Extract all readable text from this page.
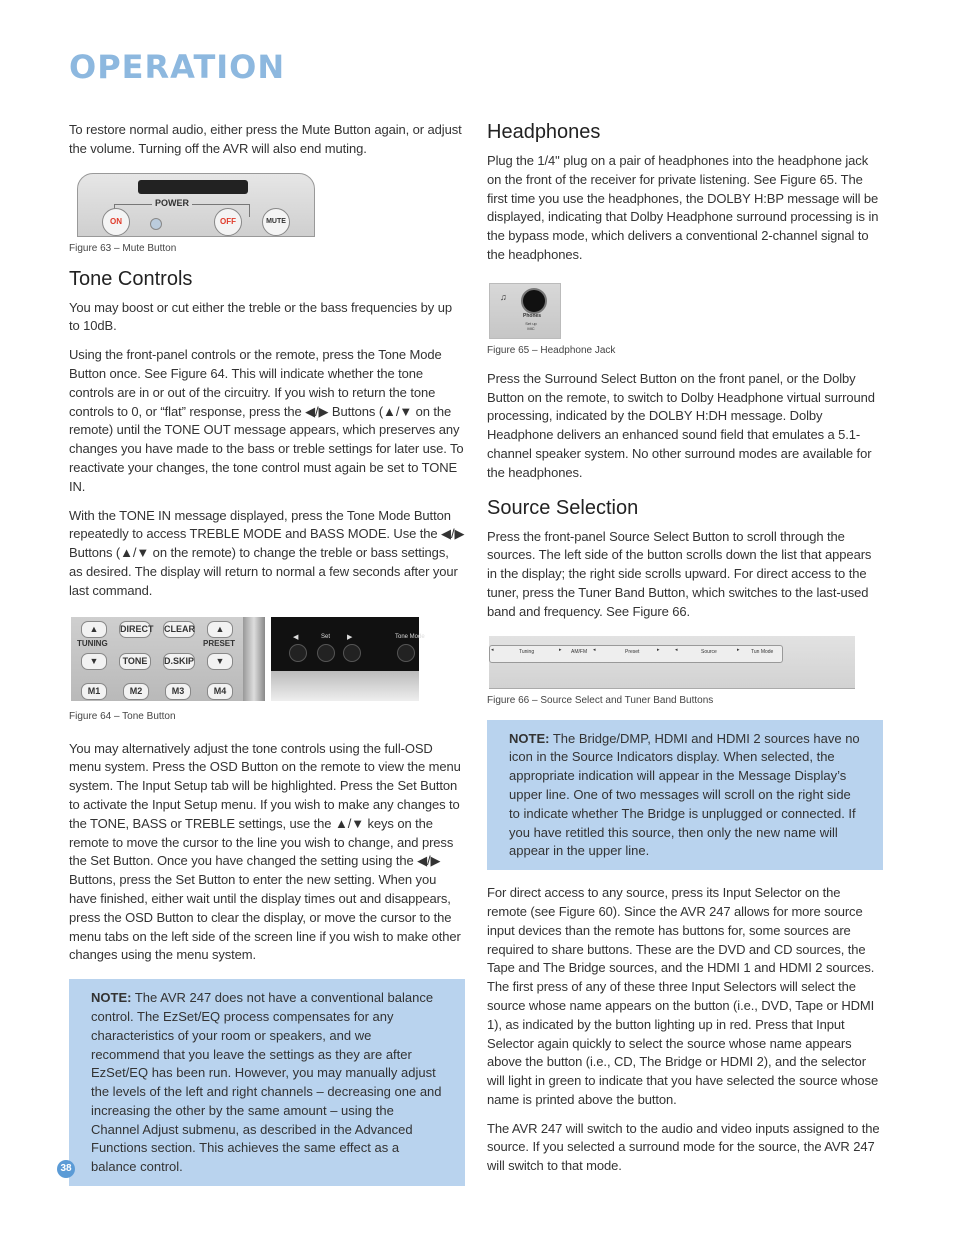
OPERATION

To restore normal audio, either press the Mute Button again, or adjust the volume. Turning off the AVR will also end muting.

POWER
ON	OFF	MUTE
Figure 63 – Mute Button
Tone Controls

You may boost or cut either the treble or the bass frequencies by up to 10dB.

Using the front-panel controls or the remote, press the Tone Mode Button once. See Figure 64. This will indicate whether the tone controls are in or out of the circuitry. If you wish to return the tone controls to 0, or “flat” response, press the ◀/▶ Buttons (▲/▼ on the remote) until the TONE OUT message appears, which preserves any changes you have made to the bass or treble settings for later use. To reactivate your changes, the tone control must again be set to TONE IN.

With the TONE IN message displayed, press the Tone Mode Button repeatedly to access TREBLE MODE and BASS MODE. Use the ◀/▶ Buttons (▲/▼ on the remote) to change the treble or bass settings, as desired. The display will return to normal a few seconds after your last command.

▲	DIRECT CLEAR	▲
TUNING	PRESET
▼	TONE	D.SKIP	▼
M1	M2	M3	M4
◀	Set ▶	Tone Mode
Figure 64 – Tone Button

You may alternatively adjust the tone controls using the full-OSD menu system. Press the OSD Button on the remote to view the menu system. The Input Setup tab will be highlighted. Press the Set Button to activate the Input Setup menu. If you wish to make any changes to the TONE, BASS or TREBLE settings, use the ▲/▼ keys on the remote to move the cursor to the line you wish to change, and press the Set Button. Once you have changed the setting using the ◀/▶ Buttons, press the Set Button to enter the new setting. When you have finished, either wait until the display times out and disappears, press the OSD Button to clear the display, or move the cursor to the menu tabs on the left side of the screen line if you wish to make other changes using the menu system.

NOTE: The AVR 247 does not have a conventional balance control. The EzSet/EQ process compensates for any characteristics of your room or speakers, and we recommend that you leave the settings as they are after EzSet/EQ has been run. However, you may manually adjust the levels of the left and right channels – decreasing one and increasing the other by the same amount – using the Channel Adjust submenu, as described in the Advanced Functions section. This achieves the same effect as a balance control.
Headphones

Plug the 1/4" plug on a pair of headphones into the headphone jack on the front of the receiver for private listening. See Figure 65. The first time you use the headphones, the DOLBY H:BP message will be displayed, indicating that Dolby Headphone surround processing is in the bypass mode, which delivers a conventional 2-channel signal to the headphones.

♫
Phones
Set up MIC
Figure 65 – Headphone Jack

Press the Surround Select Button on the front panel, or the Dolby Button on the remote, to switch to Dolby Headphone virtual surround processing, indicated by the DOLBY H:DH message. Dolby Headphone delivers an enhanced sound field that emulates a 5.1-channel speaker system. No other surround modes are available for the headphones.

Source Selection

Press the front-panel Source Select Button to scroll through the sources. The left side of the button scrolls down the list that appears in the display; the right side scrolls upward. For direct access to the tuner, press the Tuner Band Button, which switches to the last-used band and frequency. See Figure 66.

◂	Tuning	▸ AM/FM ◂	Preset	▸	◂	Source	▸ Tun Mode
Figure 66 – Source Select and Tuner Band Buttons
NOTE: The Bridge/DMP, HDMI and HDMI 2 sources have no icon in the Source Indicators display. When selected, the appropriate indication will appear in the Message Display’s upper line. One of two messages will scroll on the right side to indicate whether The Bridge is unplugged or connected. If you have retitled this source, then only the new name will appear in the upper line.

For direct access to any source, press its Input Selector on the remote (see Figure 60). Since the AVR 247 allows for more source input devices than the remote has buttons for, some sources are required to share buttons. These are the DVD and CD sources, the Tape and The Bridge sources, and the HDMI 1 and HDMI 2 sources. The first press of any of these three Input Selectors will select the source whose name appears on the button (i.e., DVD, Tape or HDMI 1), as indicated by the button lighting up in red. Press that Input Selector again quickly to select the source whose name appears above the button (i.e., CD, The Bridge or HDMI 2), and the selector will light in green to indicate that you have selected the source whose name is printed above the button.

The AVR 247 will switch to the audio and video inputs assigned to the source. If you selected a surround mode for the source, the AVR 247 will switch to that mode.

38
